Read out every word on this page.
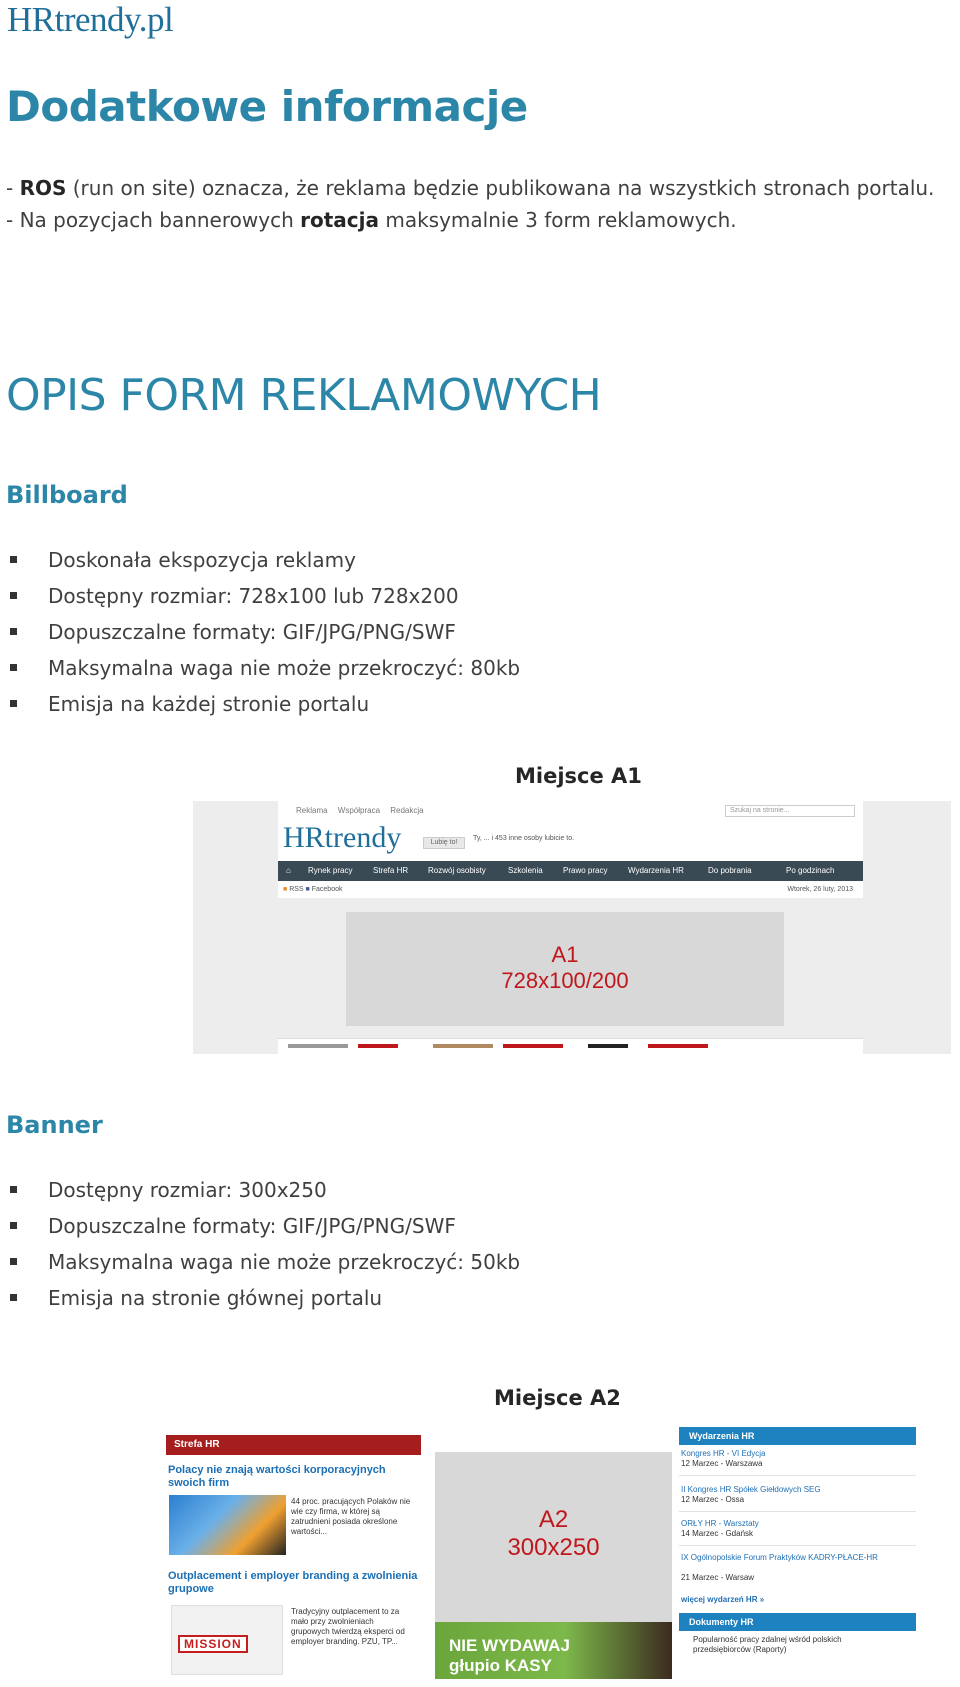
HRtrendy.pl
Dodatkowe informacje
- ROS (run on site) oznacza, że reklama będzie publikowana na wszystkich stronach portalu.
- Na pozycjach bannerowych rotacja maksymalnie 3 form reklamowych.
OPIS FORM REKLAMOWYCH
Billboard
Doskonała ekspozycja reklamy
Dostępny rozmiar: 728x100 lub 728x200
Dopuszczalne formaty: GIF/JPG/PNG/SWF
Maksymalna waga nie może przekroczyć: 80kb
Emisja na każdej stronie portalu
Miejsce A1
Reklama Współpraca Redakcja	Szukaj na stronie...
HRtrendy	Lubię to!
Ty, ... i 453 inne osoby lubicie to.
⌂ Rynek pracy	Strefa HR Rozwój osobisty	Szkolenia	Prawo pracy	Wydarzenia HR	Do pobrania	Po godzinach
■ RSS ■ Facebook	Wtorek, 26 luty, 2013
A1
728x100/200
Banner
Dostępny rozmiar: 300x250
Dopuszczalne formaty: GIF/JPG/PNG/SWF
Maksymalna waga nie może przekroczyć: 50kb
Emisja na stronie głównej portalu
Miejsce A2
Strefa HR
Polacy nie znają wartości korporacyjnych swoich firm
44 proc. pracujących Polaków nie wie czy firma, w której są zatrudnieni posiada określone wartości...
Outplacement i employer branding a zwolnienia grupowe
MISSION
Tradycyjny outplacement to za mało przy zwolnieniach grupowych twierdzą eksperci od employer branding. PZU, TP...
A2
300x250
NIE WYDAWAJ
głupio KASY
Wydarzenia HR
Kongres HR - VI Edycja
12 Marzec - Warszawa
II Kongres HR Spółek Giełdowych SEG
12 Marzec - Ossa
ORŁY HR - Warsztaty
14 Marzec - Gdańsk
IX Ogólnopolskie Forum Praktyków KADRY-PŁACE-HR
21 Marzec - Warsaw
więcej wydarzeń HR »
Dokumenty HR
Popularność pracy zdalnej wśród polskich przedsiębiorców (Raporty)
